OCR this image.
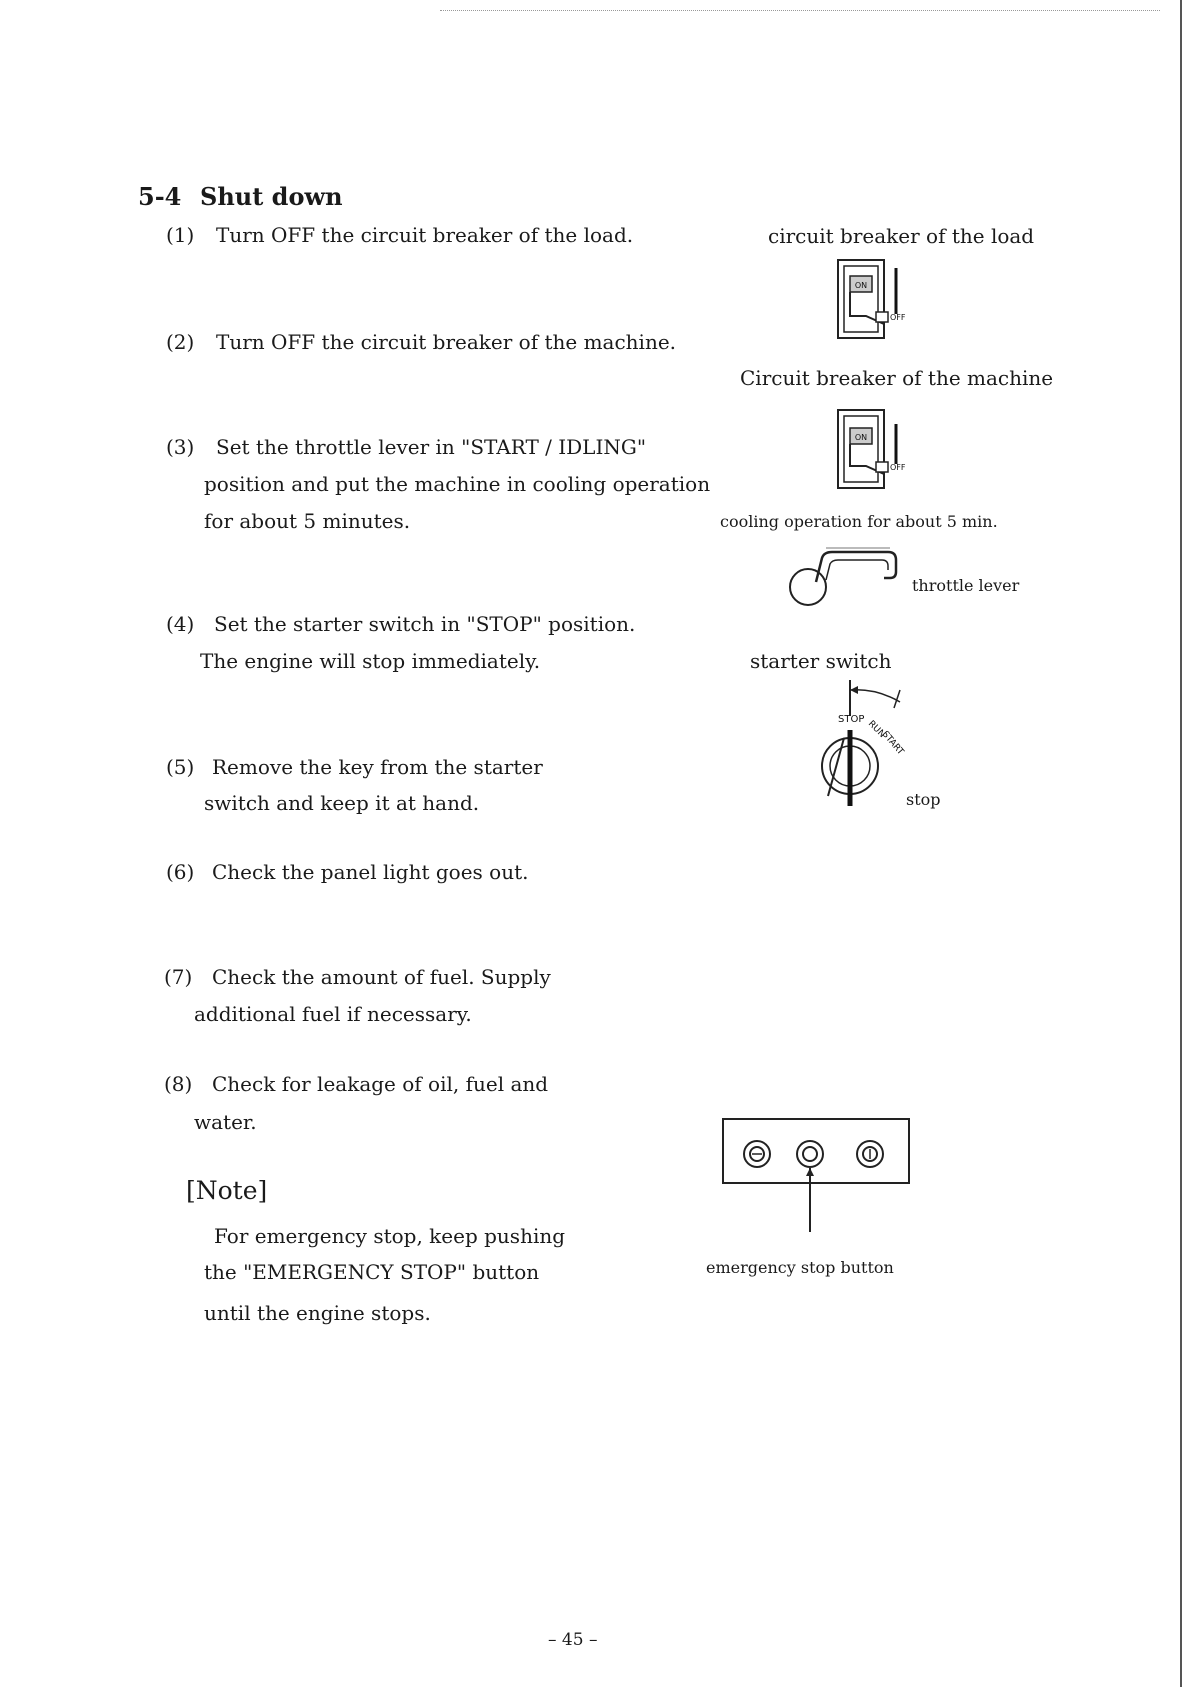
5-4 Shut down
(1) Turn OFF the circuit breaker of the load.
(2) Turn OFF the circuit breaker of the machine.
(3) Set the throttle lever in "START / IDLING"
position and put the machine in cooling operation
for about 5 minutes.
(4) Set the starter switch in "STOP" position.
The engine will stop immediately.
(5) Remove the key from the starter
switch and keep it at hand.
(6) Check the panel light goes out.
(7) Check the amount of fuel. Supply
additional fuel if necessary.
(8) Check for leakage of oil, fuel and
water.
[Note]
For emergency stop, keep pushing
the "EMERGENCY STOP" button
until the engine stops.
circuit breaker of the load
ON
OFF
Circuit breaker of the machine
ON
OFF
cooling operation for about 5 min.
throttle lever
starter switch
STOP RUN
START
stop
emergency stop button
– 45 –
